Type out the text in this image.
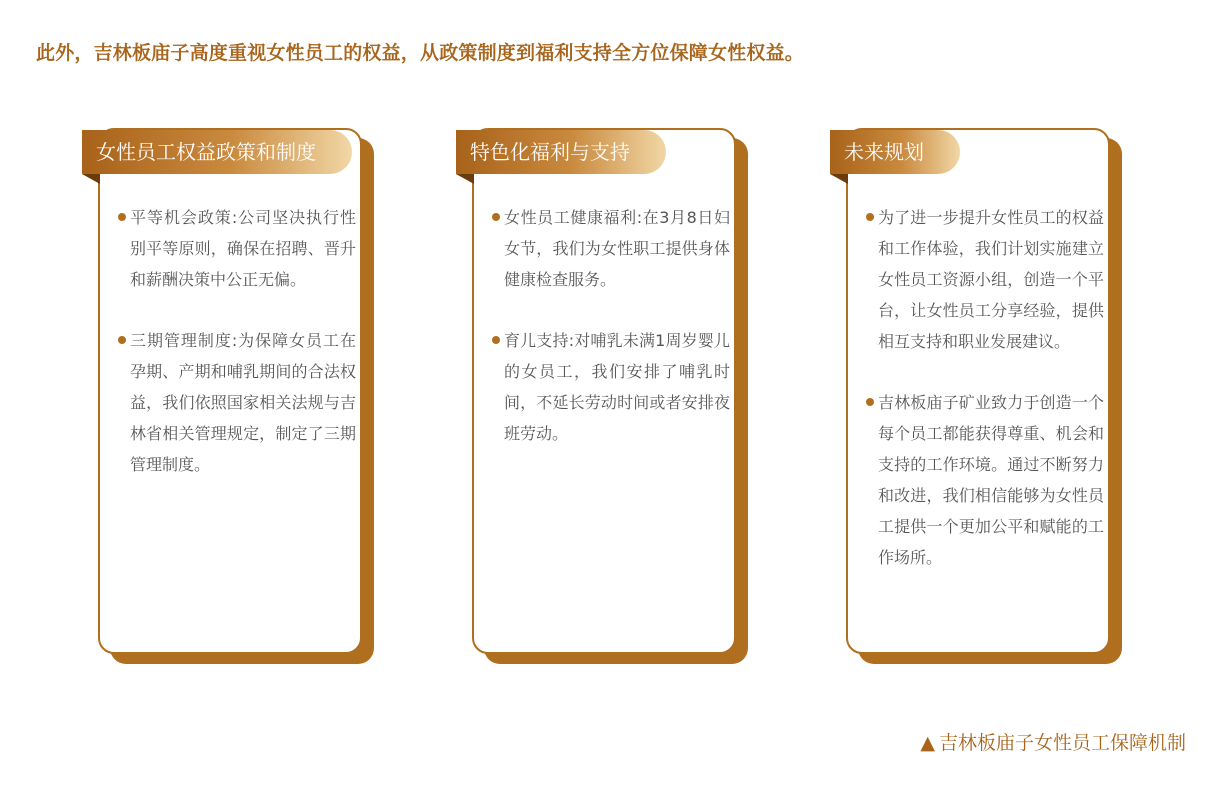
此外，吉林板庙子高度重视女性员工的权益，从政策制度到福利支持全方位保障女性权益。
女性员工权益政策和制度
平等机会政策:公司坚决执行性别平等原则，确保在招聘、晋升和薪酬决策中公正无偏。
三期管理制度:为保障女员工在孕期、产期和哺乳期间的合法权益，我们依照国家相关法规与吉林省相关管理规定，制定了三期管理制度。
特色化福利与支持
女性员工健康福利:在3月8日妇女节，我们为女性职工提供身体健康检查服务。
育儿支持:对哺乳未满1周岁婴儿的女员工，我们安排了哺乳时间，不延长劳动时间或者安排夜班劳动。
未来规划
为了进一步提升女性员工的权益和工作体验，我们计划实施建立女性员工资源小组，创造一个平台，让女性员工分享经验，提供相互支持和职业发展建议。
吉林板庙子矿业致力于创造一个每个员工都能获得尊重、机会和支持的工作环境。通过不断努力和改进，我们相信能够为女性员工提供一个更加公平和赋能的工作场所。
▲ 吉林板庙子女性员工保障机制
